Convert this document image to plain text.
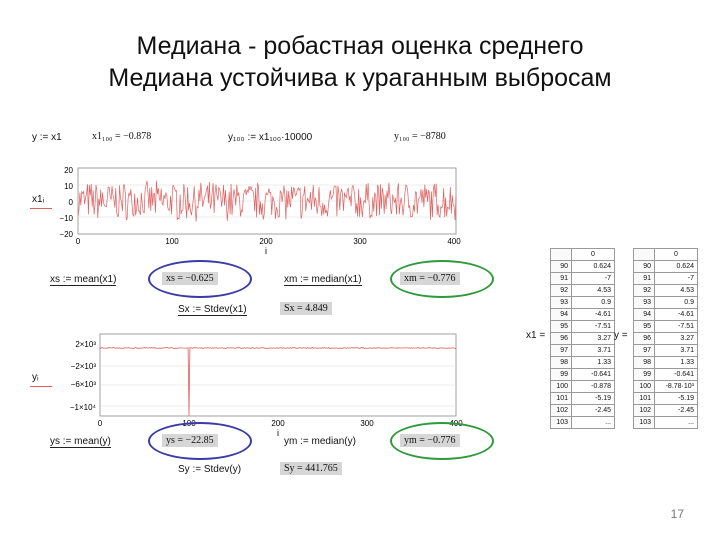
Медиана - робастная оценка среднего
Медиана устойчива к ураганным выбросам
y := x1	x1₁₀₀ = −0.878	y₁₀₀ := x1₁₀₀·10000	y₁₀₀ = −8780
x1ᵢ
20
10
0
−10
−20
0	100	200	300	400
i
xs := mean(x1)	xs = −0.625	xm := median(x1)	xm = −0.776
Sx := Stdev(x1)	Sx = 4.849
yᵢ
2×10³
−2×10³
−6×10³
−1×10⁴
0	100	200	300	400
i
ys := mean(y)	ys = −22.85	ym := median(y)	ym = −0.776
Sy := Stdev(y)	Sy = 441.765
x1 =
	0
90	0.624
91	-7
92	4.53
93	0.9
94	-4.61
95	-7.51
96	3.27
97	3.71
98	1.33
99	-0.641
100	-0.878
101	-5.19
102	-2.45
103	...
y =
	0
90	0.624
91	-7
92	4.53
93	0.9
94	-4.61
95	-7.51
96	3.27
97	3.71
98	1.33
99	-0.641
100	-8.78·10³
101	-5.19
102	-2.45
103	...
17
